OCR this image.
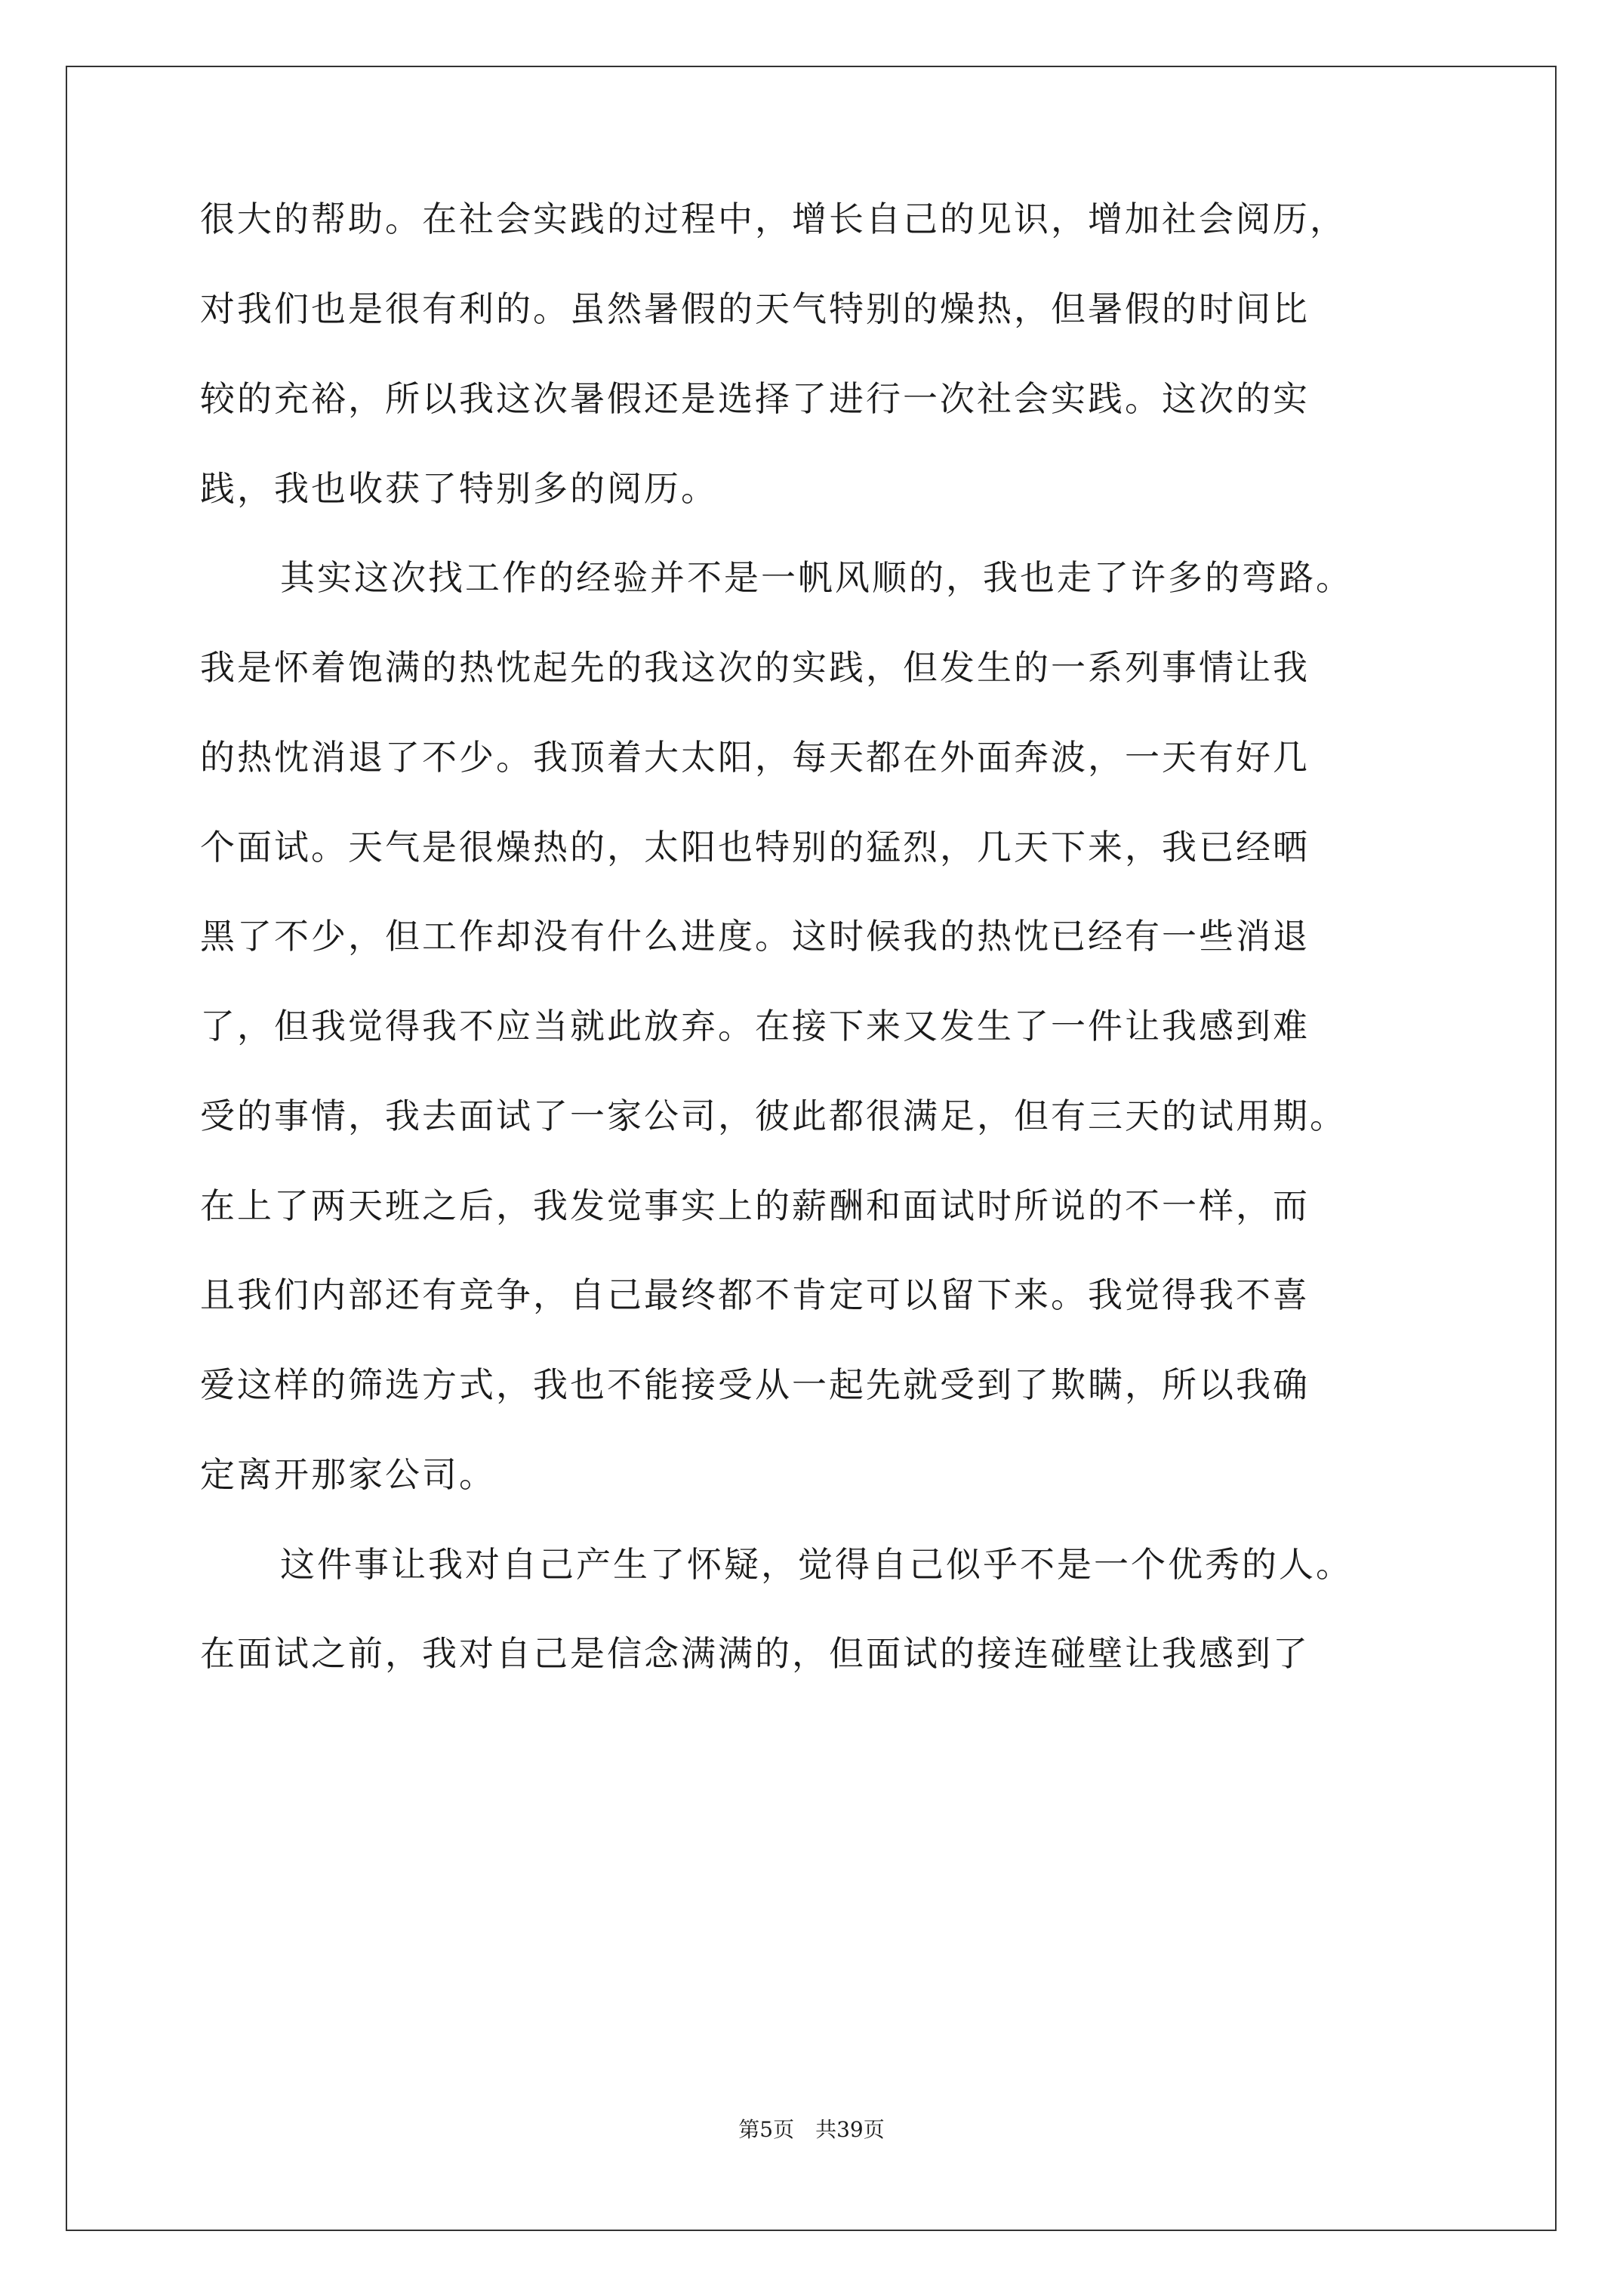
很大的帮助。在社会实践的过程中，增长自己的见识，增加社会阅历，
对我们也是很有利的。虽然暑假的天气特别的燥热，但暑假的时间比
较的充裕，所以我这次暑假还是选择了进行一次社会实践。这次的实
践，我也收获了特别多的阅历。
其实这次找工作的经验并不是一帆风顺的，我也走了许多的弯路。
我是怀着饱满的热忱起先的我这次的实践，但发生的一系列事情让我
的热忱消退了不少。我顶着大太阳，每天都在外面奔波，一天有好几
个面试。天气是很燥热的，太阳也特别的猛烈，几天下来，我已经晒
黑了不少，但工作却没有什么进度。这时候我的热忱已经有一些消退
了，但我觉得我不应当就此放弃。在接下来又发生了一件让我感到难
受的事情，我去面试了一家公司，彼此都很满足，但有三天的试用期。
在上了两天班之后，我发觉事实上的薪酬和面试时所说的不一样，而
且我们内部还有竞争，自己最终都不肯定可以留下来。我觉得我不喜
爱这样的筛选方式，我也不能接受从一起先就受到了欺瞒，所以我确
定离开那家公司。
这件事让我对自己产生了怀疑，觉得自己似乎不是一个优秀的人。
在面试之前，我对自己是信念满满的，但面试的接连碰壁让我感到了
第5页 共39页
